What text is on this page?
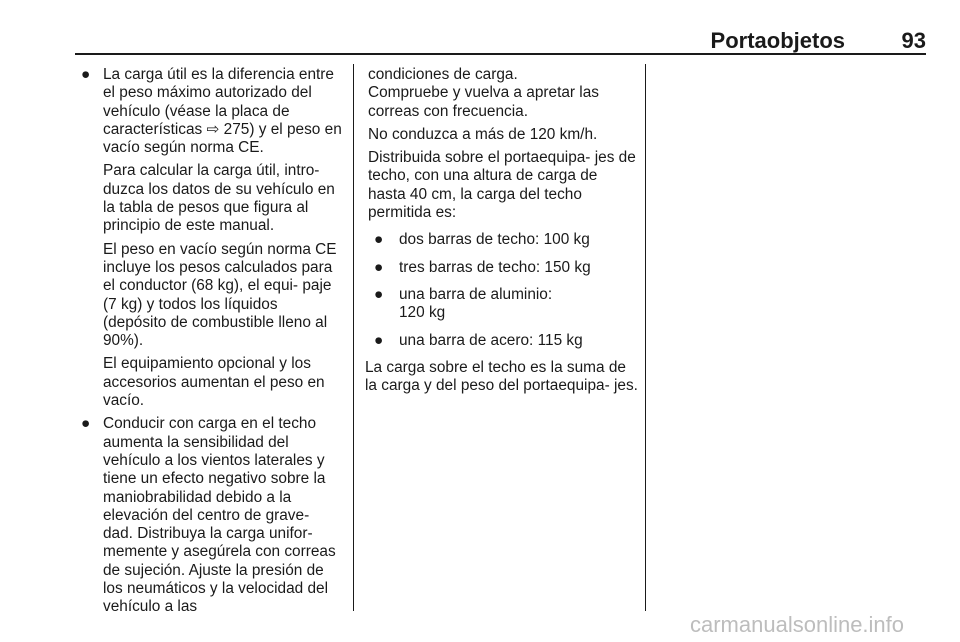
Portaobjetos	93
● La carga útil es la diferencia entre el peso máximo autorizado del vehículo (véase la placa de características ⇨ 275) y el peso en vacío según norma CE.
Para calcular la carga útil, intro- duzca los datos de su vehículo en la tabla de pesos que figura al principio de este manual.
El peso en vacío según norma CE incluye los pesos calculados para el conductor (68 kg), el equi- paje (7 kg) y todos los líquidos (depósito de combustible lleno al 90%).
El equipamiento opcional y los accesorios aumentan el peso en vacío.
● Conducir con carga en el techo aumenta la sensibilidad del vehículo a los vientos laterales y tiene un efecto negativo sobre la maniobrabilidad debido a la elevación del centro de grave- dad. Distribuya la carga unifor- memente y asegúrela con correas de sujeción. Ajuste la presión de los neumáticos y la velocidad del vehículo a las
condiciones de carga.
Compruebe y vuelva a apretar las correas con frecuencia.
No conduzca a más de 120 km/h.
Distribuida sobre el portaequipa- jes de techo, con una altura de carga de hasta 40 cm, la carga del techo permitida es:
● dos barras de techo: 100 kg
● tres barras de techo: 150 kg
● una barra de aluminio: 120 kg
● una barra de acero: 115 kg
La carga sobre el techo es la suma de la carga y del peso del portaequipa- jes.
carmanualsonline.info
